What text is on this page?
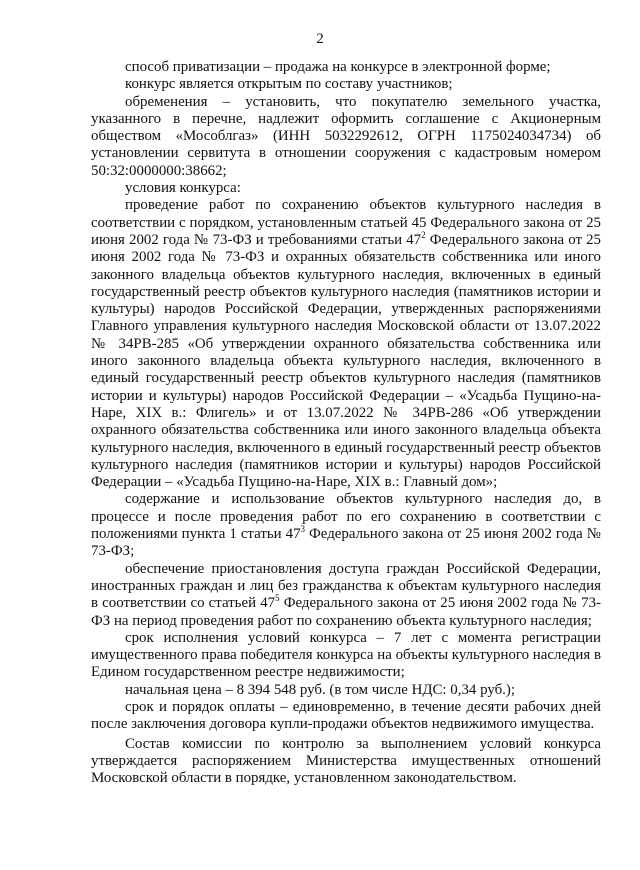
2

способ приватизации – продажа на конкурсе в электронной форме;

конкурс является открытым по составу участников;

обременения – установить, что покупателю земельного участка, указанного в перечне, надлежит оформить соглашение с Акционерным обществом «Мособлгаз» (ИНН 5032292612, ОГРН 1175024034734) об установлении сервитута в отношении сооружения с кадастровым номером 50:32:0000000:38662;

условия конкурса:

проведение работ по сохранению объектов культурного наследия в соответствии с порядком, установленным статьей 45 Федерального закона от 25 июня 2002 года № 73-ФЗ и требованиями статьи $47^2$ Федерального закона от 25 июня 2002 года № 73-ФЗ и охранных обязательств собственника или иного законного владельца объектов культурного наследия, включенных в единый государственный реестр объектов культурного наследия (памятников истории и культуры) народов Российской Федерации, утвержденных распоряжениями Главного управления культурного наследия Московской области от 13.07.2022 № 34РВ-285 «Об утверждении охранного обязательства собственника или иного законного владельца объекта культурного наследия, включенного в единый государственный реестр объектов культурного наследия (памятников истории и культуры) народов Российской Федерации – «Усадьба Пущино-на-Наре, XIX в.: Флигель» и от 13.07.2022 № 34РВ-286 «Об утверждении охранного обязательства собственника или иного законного владельца объекта культурного наследия, включенного в единый государственный реестр объектов культурного наследия (памятников истории и культуры) народов Российской Федерации – «Усадьба Пущино-на-Наре, XIX в.: Главный дом»;

содержание и использование объектов культурного наследия до, в процессе и после проведения работ по его сохранению в соответствии с положениями пункта 1 статьи $47^3$ Федерального закона от 25 июня 2002 года № 73-ФЗ;

обеспечение приостановления доступа граждан Российской Федерации, иностранных граждан и лиц без гражданства к объектам культурного наследия в соответствии со статьей $47^5$ Федерального закона от 25 июня 2002 года № 73-ФЗ на период проведения работ по сохранению объекта культурного наследия;

срок исполнения условий конкурса – 7 лет с момента регистрации имущественного права победителя конкурса на объекты культурного наследия в Едином государственном реестре недвижимости;

начальная цена – 8 394 548 руб. (в том числе НДС: 0,34 руб.);

срок и порядок оплаты – единовременно, в течение десяти рабочих дней после заключения договора купли-продажи объектов недвижимого имущества.

Состав комиссии по контролю за выполнением условий конкурса утверждается распоряжением Министерства имущественных отношений Московской области в порядке, установленном законодательством.
